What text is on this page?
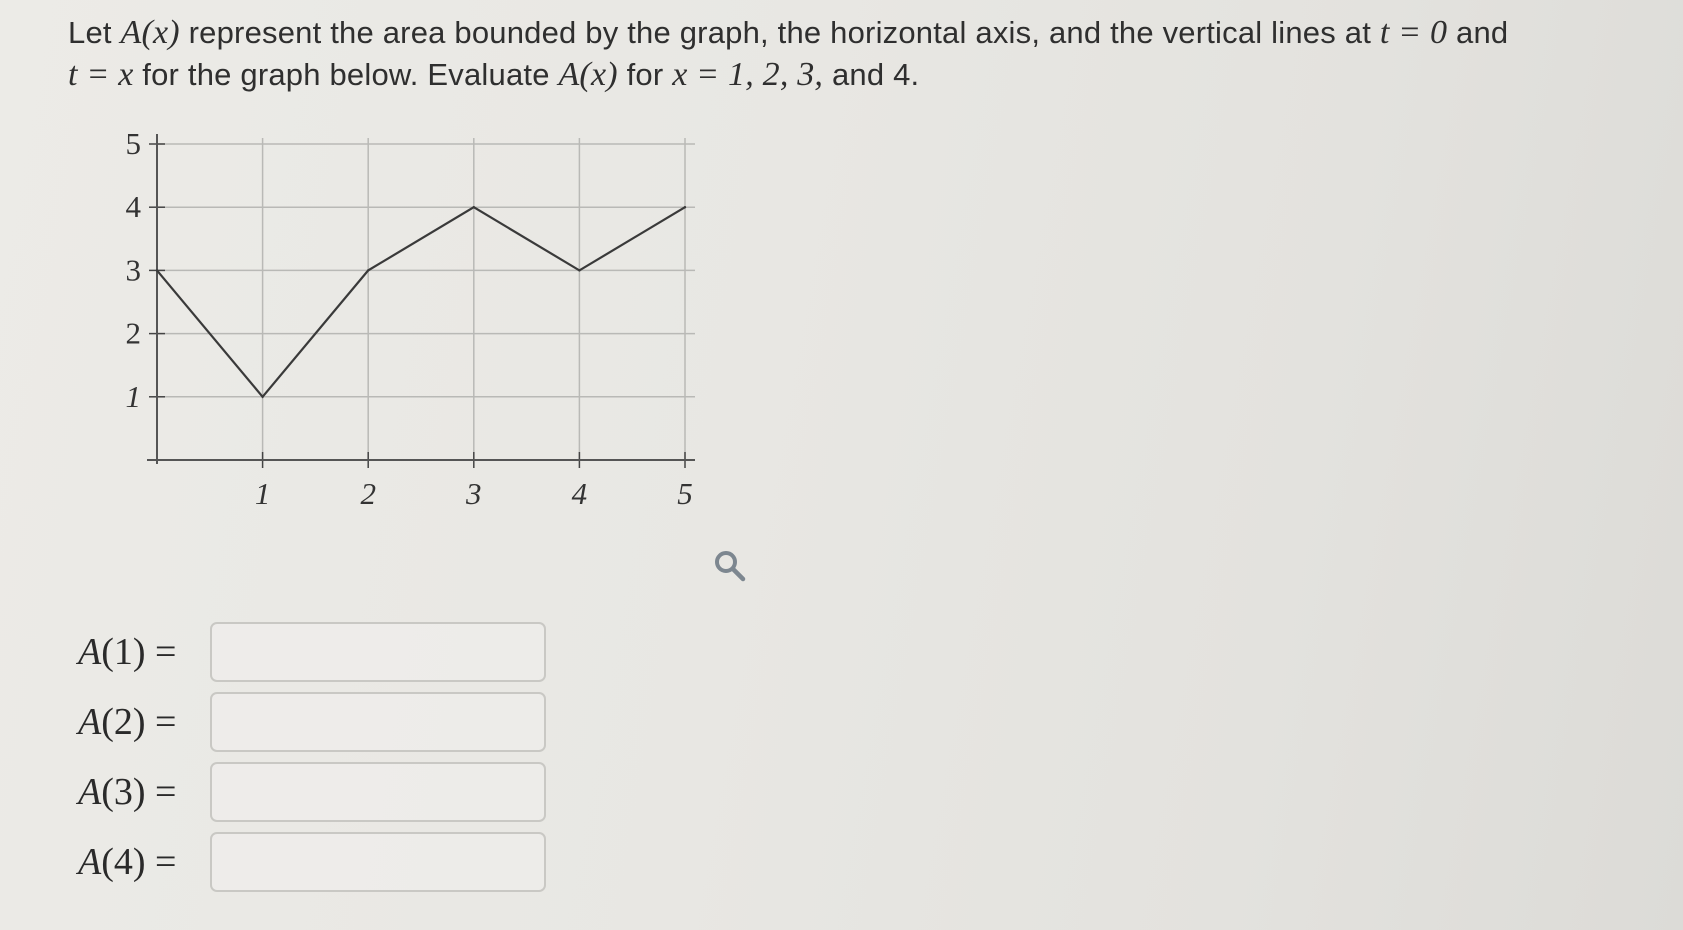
Let A(x) represent the area bounded by the graph, the horizontal axis, and the vertical lines at t = 0 and
t = x for the graph below. Evaluate A(x) for x = 1, 2, 3, and 4.
1
2
3
4
5
1	2	3	4	5
A(1) =
A(2) =
A(3) =
A(4) =
